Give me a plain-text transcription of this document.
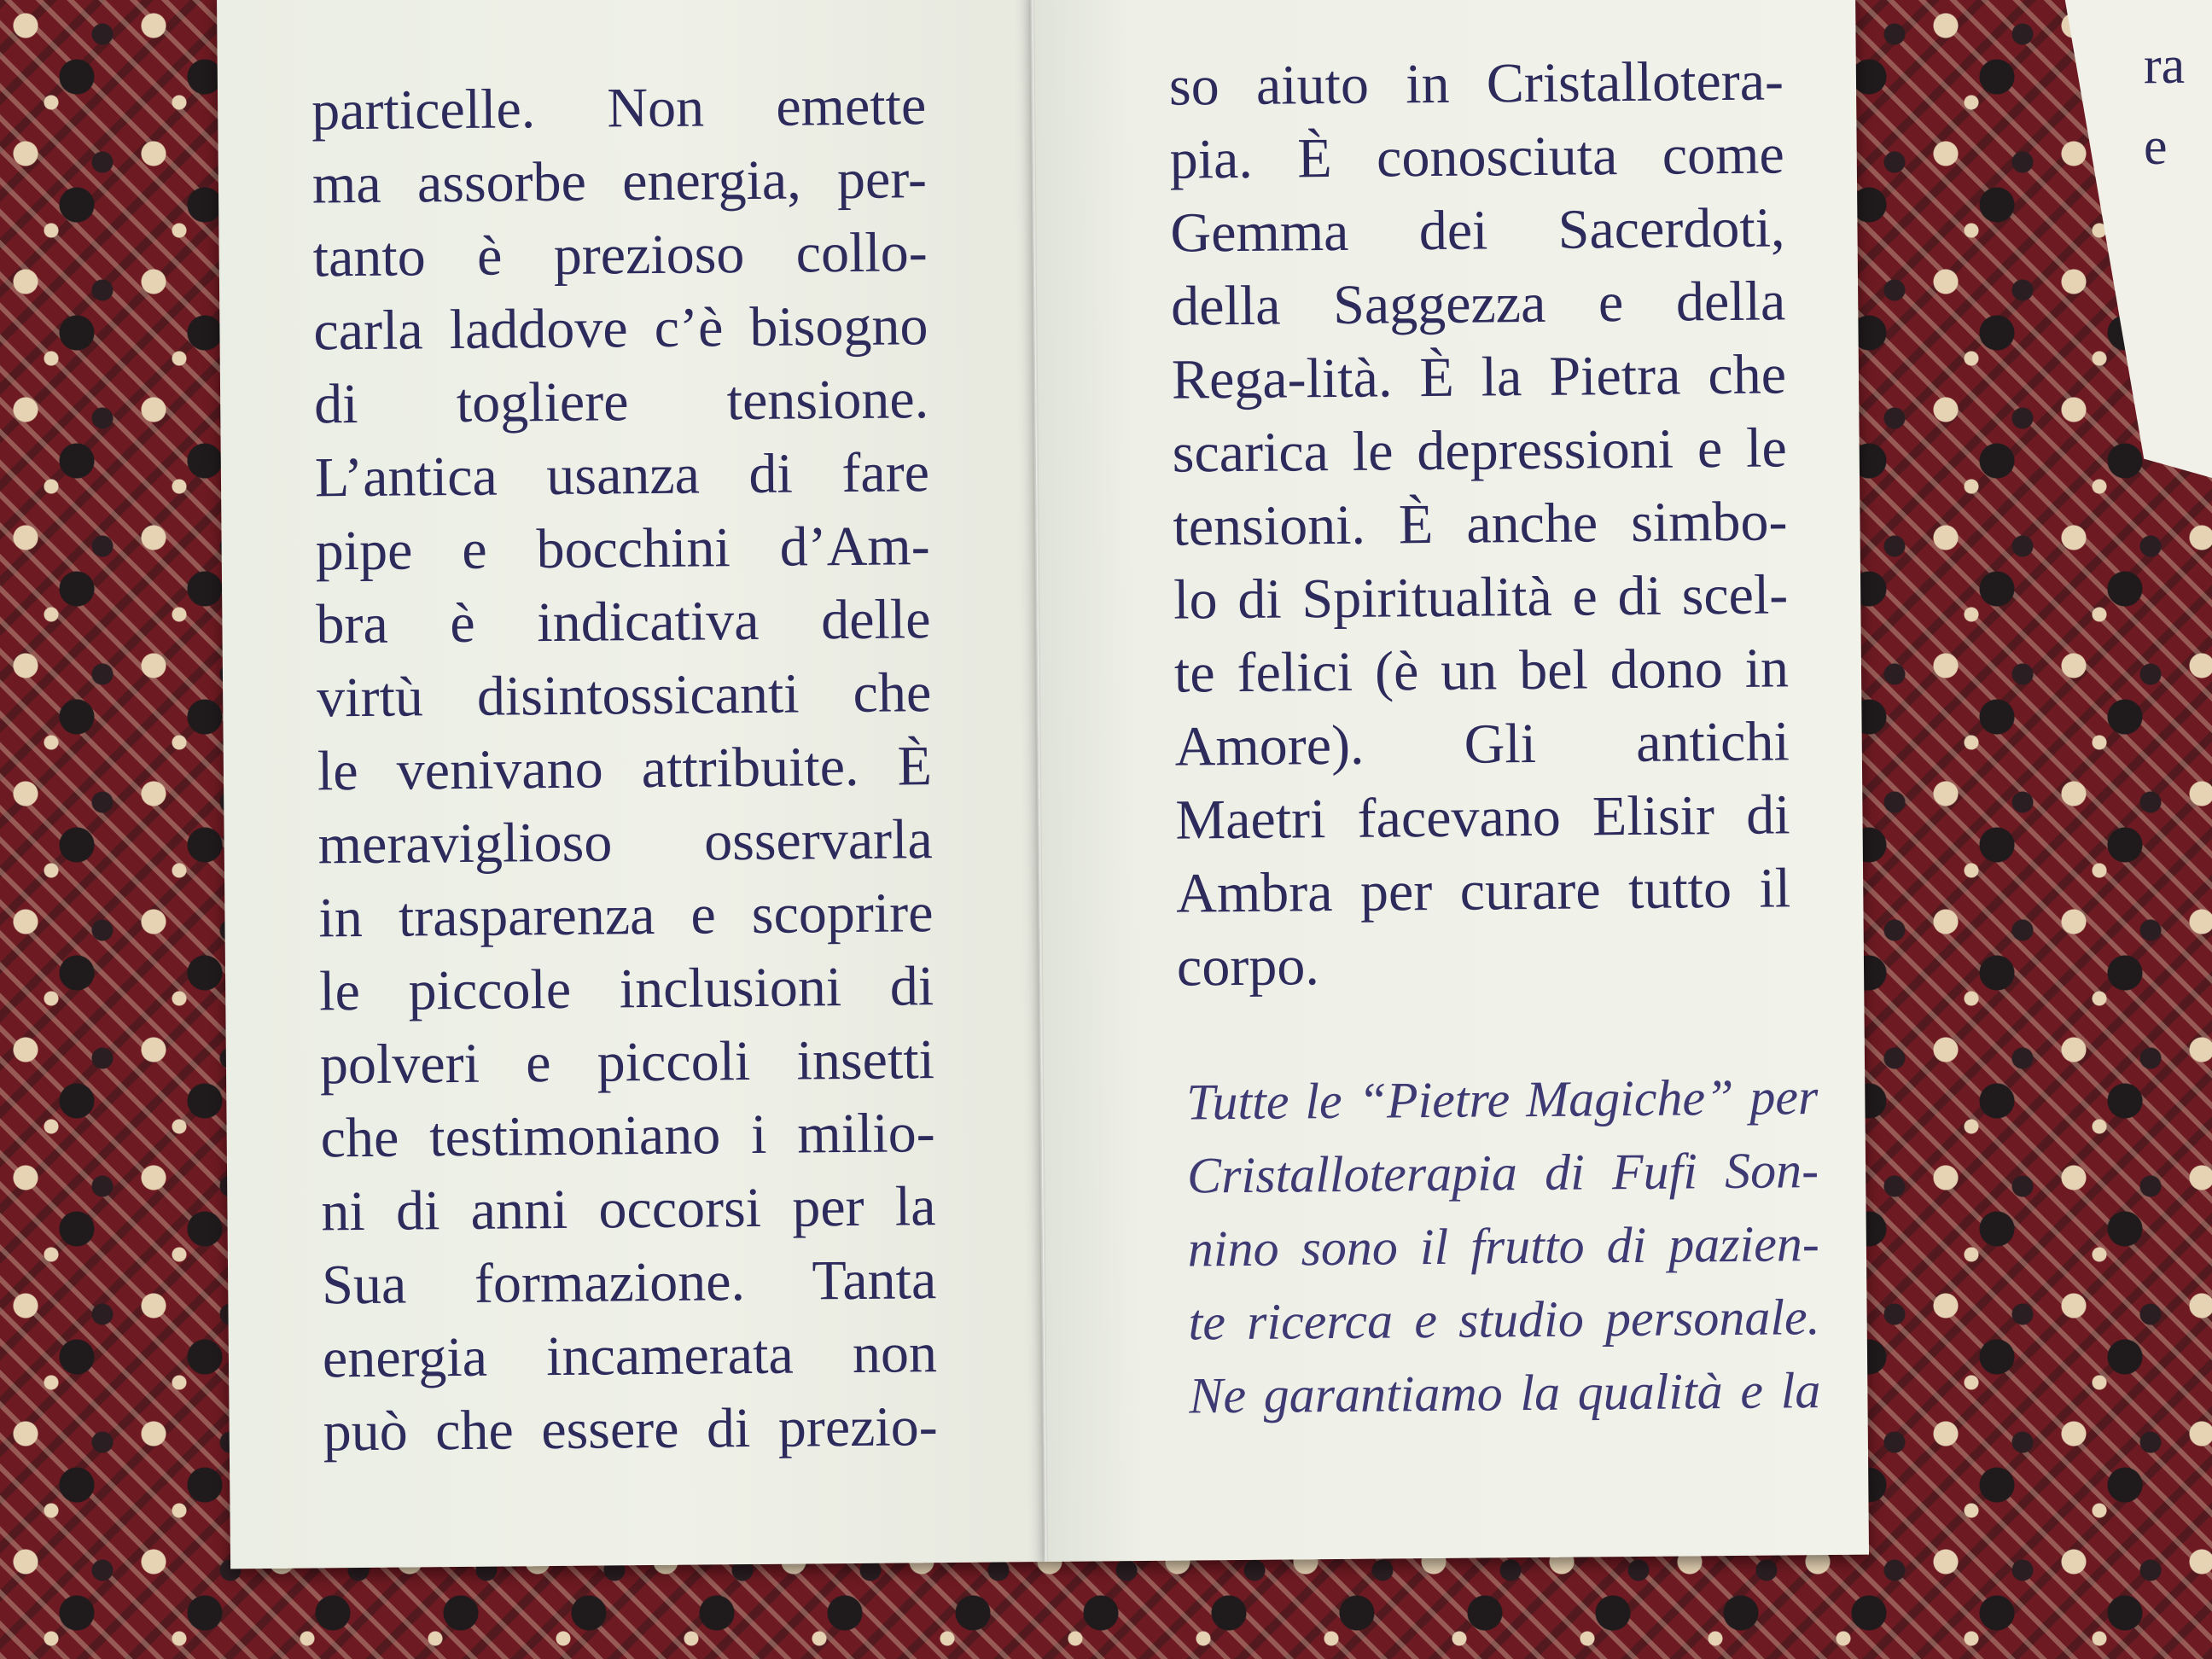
ra
e
particelle. Non emette
ma assorbe energia, per-
tanto è prezioso collo-
carla laddove c’è bisogno
di togliere tensione.
L’antica usanza di fare
pipe e bocchini d’Am-
bra è indicativa delle
virtù disintossicanti che
le venivano attribuite. È
meraviglioso osservarla
in trasparenza e scoprire
le piccole inclusioni di
polveri e piccoli insetti
che testimoniano i milio-
ni di anni occorsi per la
Sua formazione. Tanta
energia incamerata non
può che essere di prezio-
so aiuto in Cristallotera-
pia. È conosciuta come
Gemma dei Sacerdoti,
della Saggezza e della
Rega-lità. È la Pietra che
scarica le depressioni e le
tensioni. È anche simbo-
lo di Spiritualità e di scel-
te felici (è un bel dono in
Amore). Gli antichi
Maetri facevano Elisir di
Ambra per curare tutto il
corpo.
Tutte le “Pietre Magiche” per
Cristalloterapia di Fufi Son-
nino sono il frutto di pazien-
te ricerca e studio personale.
Ne garantiamo la qualità e la
